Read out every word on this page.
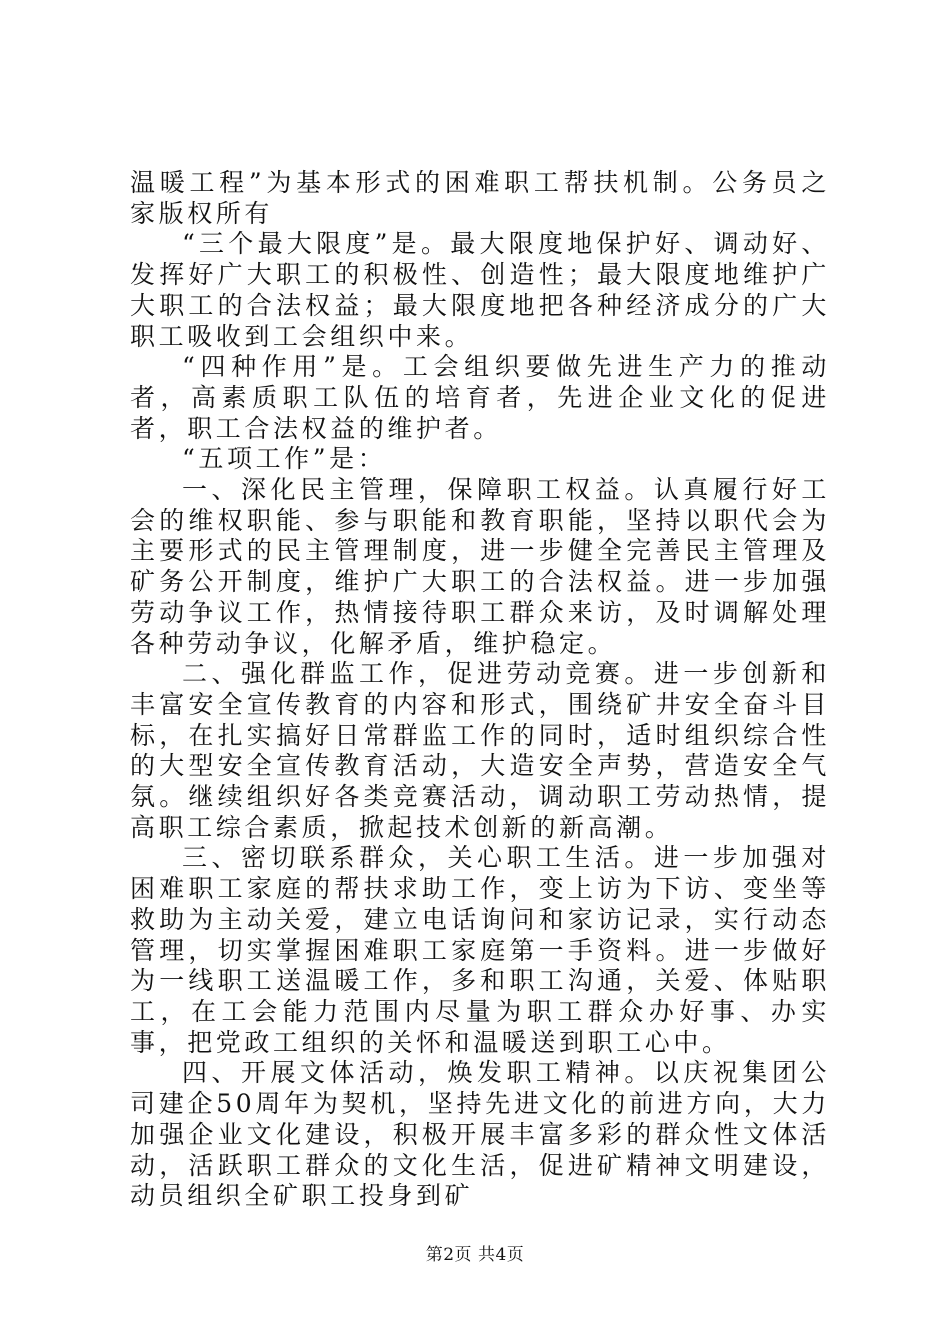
温暖工程”为基本形式的困难职工帮扶机制。公务员之家版权所有

“三个最大限度”是。最大限度地保护好、调动好、发挥好广大职工的积极性、创造性；最大限度地维护广大职工的合法权益；最大限度地把各种经济成分的广大职工吸收到工会组织中来。

“四种作用”是。工会组织要做先进生产力的推动者，高素质职工队伍的培育者，先进企业文化的促进者，职工合法权益的维护者。

“五项工作”是：

一、深化民主管理，保障职工权益。认真履行好工会的维权职能、参与职能和教育职能，坚持以职代会为主要形式的民主管理制度，进一步健全完善民主管理及矿务公开制度，维护广大职工的合法权益。进一步加强劳动争议工作，热情接待职工群众来访，及时调解处理各种劳动争议，化解矛盾，维护稳定。

二、强化群监工作，促进劳动竞赛。进一步创新和丰富安全宣传教育的内容和形式，围绕矿井安全奋斗目标，在扎实搞好日常群监工作的同时，适时组织综合性的大型安全宣传教育活动，大造安全声势，营造安全气氛。继续组织好各类竞赛活动，调动职工劳动热情，提高职工综合素质，掀起技术创新的新高潮。

三、密切联系群众，关心职工生活。进一步加强对困难职工家庭的帮扶求助工作，变上访为下访、变坐等救助为主动关爱，建立电话询问和家访记录，实行动态管理，切实掌握困难职工家庭第一手资料。进一步做好为一线职工送温暖工作，多和职工沟通，关爱、体贴职工，在工会能力范围内尽量为职工群众办好事、办实事，把党政工组织的关怀和温暖送到职工心中。

四、开展文体活动，焕发职工精神。以庆祝集团公司建企50周年为契机，坚持先进文化的前进方向，大力加强企业文化建设，积极开展丰富多彩的群众性文体活动，活跃职工群众的文化生活，促进矿精神文明建设，动员组织全矿职工投身到矿

第2页 共4页
